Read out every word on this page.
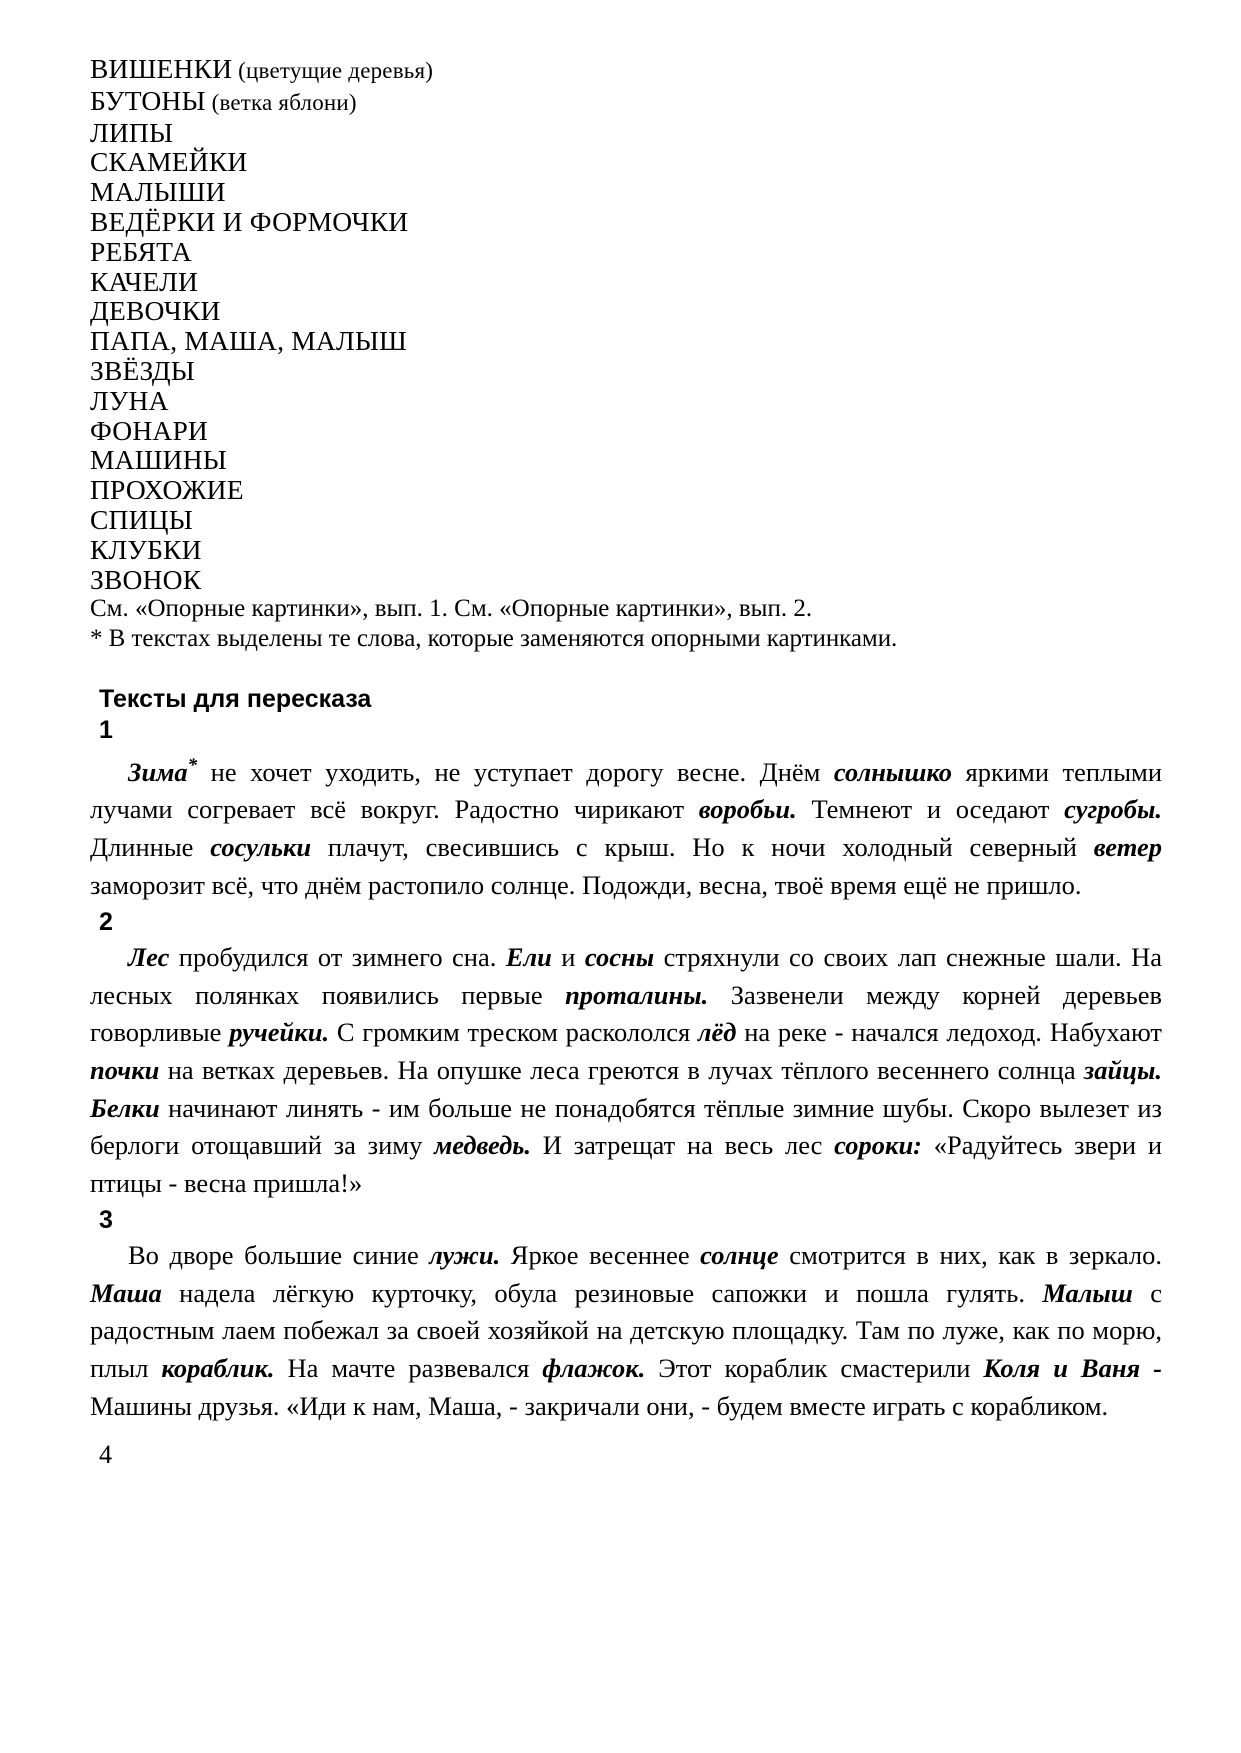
ВИШЕНКИ (цветущие деревья)
БУТОНЫ (ветка яблони)
ЛИПЫ
СКАМЕЙКИ
МАЛЫШИ
ВЕДЁРКИ И ФОРМОЧКИ
РЕБЯТА
КАЧЕЛИ
ДЕВОЧКИ
ПАПА, МАША, МАЛЫШ
ЗВЁЗДЫ
ЛУНА
ФОНАРИ
МАШИНЫ
ПРОХОЖИЕ
СПИЦЫ
КЛУБКИ
ЗВОНОК
См. «Опорные картинки», вып. 1. См. «Опорные картинки», вып. 2.
* В текстах выделены те слова, которые заменяются опорными картинками.
Тексты для пересказа
1

Зима* не хочет уходить, не уступает дорогу весне. Днём солнышко яркими теплыми лучами согревает всё вокруг. Радостно чирикают воробьи. Темнеют и оседают сугробы. Длинные сосульки плачут, свесившись с крыш. Но к ночи холодный северный ветер заморозит всё, что днём растопило солнце. Подожди, весна, твоё время ещё не пришло.

2

Лес пробудился от зимнего сна. Ели и сосны стряхнули со своих лап снежные шали. На лесных полянках появились первые проталины. Зазвенели между корней деревьев говорливые ручейки. С громким треском раскололся лёд на реке - начался ледоход. Набухают почки на ветках деревьев. На опушке леса греются в лучах тёплого весеннего солнца зайцы. Белки начинают линять - им больше не понадобятся тёплые зимние шубы. Скоро вылезет из берлоги отощавший за зиму медведь. И затрещат на весь лес сороки: «Радуйтесь звери и птицы - весна пришла!»

3

Во дворе большие синие лужи. Яркое весеннее солнце смотрится в них, как в зеркало. Маша надела лёгкую курточку, обула резиновые сапожки и пошла гулять. Малыш с радостным лаем побежал за своей хозяйкой на детскую площадку. Там по луже, как по морю, плыл кораблик. На мачте развевался флажок. Этот кораблик смастерили Коля и Ваня - Машины друзья. «Иди к нам, Маша, - закричали они, - будем вместе играть с корабликом.

4
